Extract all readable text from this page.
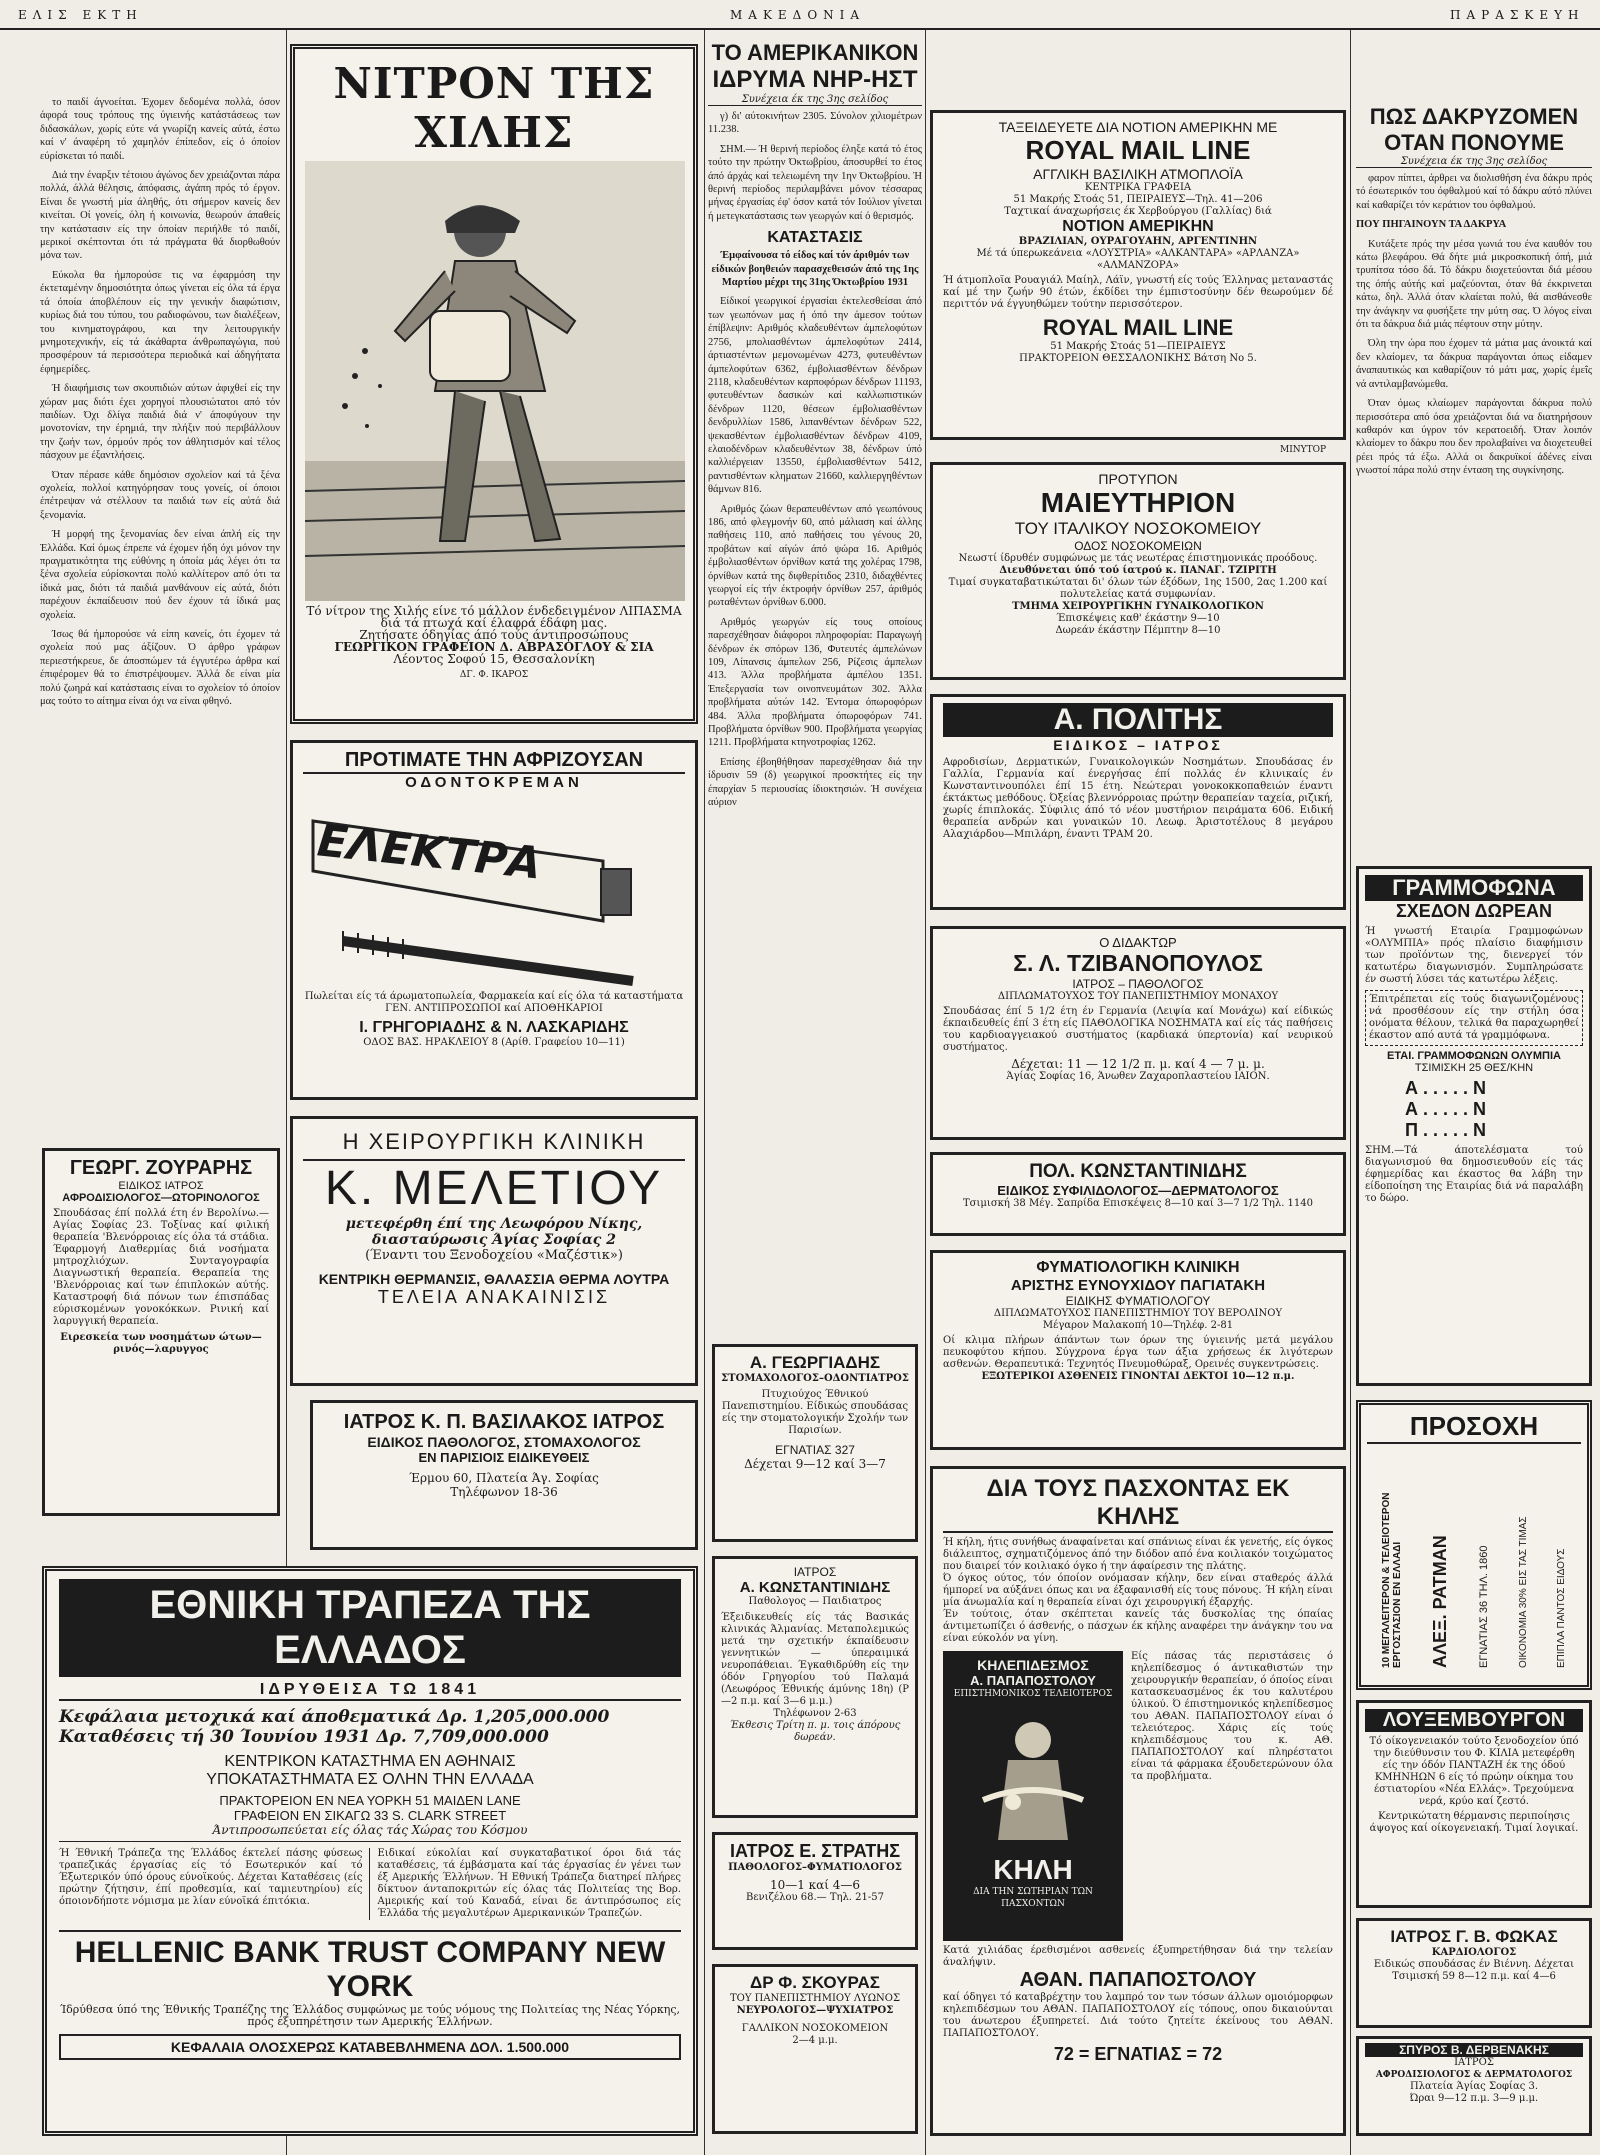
ΕΛΙΣ ΕΚΤΗ	ΜΑΚΕΔΟΝΙΑ	ΠΑΡΑΣΚΕΥΗ

το παιδί άγνοείται. Έχομεν δεδομένα πολλά, όσον άφορά τους τρόπους της ύγιεινής κατάστάσεως των διδασκάλων, χωρίς εύτε νά γνωρίζη κανείς αύτά, έστω καί ν' άναφέρη τό χαμηλόν έπίπεδον, είς ό όποίον εύρίσκεται τό παιδί.

Διά την έναρξιν τέτοιου άγώνος δεν χρειάζονται πάρα πολλά, άλλά θέλησις, άπόφασις, άγάπη πρός τό έργον. Είναι δε γνωστή μία άληθής, ότι σήμερον κανείς δεν κινείται. Οί γονείς, όλη ή κοινωνία, θεωρούν άπαθείς την κατάστασιν είς την όποίαν περιήλθε τό παιδί, μερικοί σκέπτονται ότι τά πράγματα θά διορθωθούν μόνα των.

Εύκολα θα ήμπορούσε τις να έφαρμόση την έκτεταμένην δημοσιότητα όπως γίνεται είς όλα τά έργα τά όποία άποβλέπουν είς την γενικήν διαφώτισιν, κυρίως διά του τύπου, του ραδιοφώνου, των διαλέξεων, του κινηματογράφου, και την λειτουργικήν μνημοτεχνικήν, είς τά άκάθαρτα άνθρωπαγώγια, πού προσφέρουν τά περισσότερα περιοδικά καί άδηγήτατα έφημερίδες.

Ή διαφήμισις των σκουπιδιών αύτων άφιχθεί είς την χώραν μας διότι έχει χορηγοί πλουσιώτατοι από τόν παιδίων. Όχι δλίγα παιδιά διά ν' άποφύγουν την μονοτονίαν, την έρημιά, την πλήξιν πού περιβάλλουν την ζωήν των, όρμούν πρός τον άθλητισμόν καί τέλος πάσχουν με έξαντλήσεις.

Όταν πέρασε κάθε δημόσιον σχολείον καί τά ξένα σχολεία, πολλοί κατηγόρησαν τους γονείς, οί όποιοι έπέτρεψαν νά στέλλουν τα παιδιά των είς αύτά διά ξενομανία.

Ή μορφή της ξενομανίας δεν είναι άπλή είς την Έλλάδα. Καί όμως έπρεπε νά έχομεν ήδη όχι μόνον την πραγματικότητα της εύθύνης η όποία μάς λέγει ότι τα ξένα σχολεία εύρίσκονται πολύ καλλίτερον από ότι τα ίδικά μας, διότι τά παιδιά μανθάνουν είς αύτά, διότι παρέχουν έκπαίδευσιν πού δεν έχουν τά ίδικά μας σχολεία.

Ίσως θά ήμπορούσε νά είπη κανείς, ότι έχομεν τά σχολεία πού μας άξίζουν. Ό άρθρο γράφων περιεστήκρευε, δε άποσπώμεν τά έγγυτέρω άρθρα καί έπιφέρομεν θά το έπιστρέψουμεν. Άλλά δε είναι μία πολύ ζωηρά καί κατάστασις είναι το σχολείον τό όποίον μας τούτο το αίτημα είναι όχι να είναι φθηνό.

ΓΕΩΡΓ. ΖΟΥΡΑΡΗΣ
ΕΙΔΙΚΟΣ ΙΑΤΡΟΣ
ΑΦΡΟΔΙΣΙΟΛΟΓΟΣ—ΩΤΟΡΙΝΟΛΟΓΟΣ
Σπουδάσας έπί πολλά έτη έν Βερολίνω.— Αγίας Σοφίας 23. Τοξίνας καί φιλική θεραπεία 'Βλενόρροιας είς όλα τά στάδια. Έφαρμογή Διαθερμίας διά νοσήματα μητροχλιόχων. Συνταγογραφία Διαγνωστική θεραπεία. Θεραπεία της 'Βλενόρροιας καί των έπιπλοκών αύτής. Καταστροφή διά πόνων των έπισπάδας εύρισκομένων γονοκόκκων. Ρινική καί λαρυγγική θεραπεία.
Ειρεσκεία των νοσημάτων ώτων—ρινός—λαρυγγος
ΝΙΤΡΟΝ ΤΗΣ ΧΙΛΗΣ
Τό νίτρον της Χιλής είνε τό μάλλον ένδεδειγμένον ΛΙΠΑΣΜΑ διά τά πτωχά καί έλαφρά έδάφη μας.
Ζητήσατε όδηγίας άπό τούς άντιπροσώπους
ΓΕΩΡΓΙΚΟΝ ΓΡΑΦΕΙΟΝ Δ. ΑΒΡΑΣΟΓΛΟΥ & ΣΙΑ
Λέοντος Σοφού 15, Θεσσαλονίκη
ΔΓ. Φ. ΙΚΑΡΟΣ
ΠΡΟΤΙΜΑΤΕ ΤΗΝ ΑΦΡΙΖΟΥΣΑΝ
ΟΔΟΝΤΟΚΡΕΜΑΝ
ΕΛΕΚΤΡΑ
Πωλείται είς τά άρωματοπωλεία, Φαρμακεία καί είς όλα τά καταστήματα ΓΕΝ. ΑΝΤΙΠΡΟΣΩΠΟΙ καί ΑΠΟΘΗΚΑΡΙΟΙ
Ι. ΓΡΗΓΟΡΙΑΔΗΣ & Ν. ΛΑΣΚΑΡΙΔΗΣ
ΟΔΟΣ ΒΑΣ. ΗΡΑΚΛΕΙΟΥ 8 (Αρίθ. Γραφείου 10—11)
Η ΧΕΙΡΟΥΡΓΙΚΗ ΚΛΙΝΙΚΗ
Κ. ΜΕΛΕΤΙΟΥ
μετεφέρθη έπί της Λεωφόρου Νίκης, διασταύρωσις Άγίας Σοφίας 2
(Έναντι του Ξενοδοχείου «Μαζέστικ»)
ΚΕΝΤΡΙΚΗ ΘΕΡΜΑΝΣΙΣ, ΘΑΛΑΣΣΙΑ ΘΕΡΜΑ ΛΟΥΤΡΑ
ΤΕΛΕΙΑ ΑΝΑΚΑΙΝΙΣΙΣ
ΙΑΤΡΟΣ Κ. Π. ΒΑΣΙΛΑΚΟΣ ΙΑΤΡΟΣ
ΕΙΔΙΚΟΣ ΠΑΘΟΛΟΓΟΣ, ΣΤΟΜΑΧΟΛΟΓΟΣ
ΕΝ ΠΑΡΙΣΙΟΙΣ ΕΙΔΙΚΕΥΘΕΙΣ
Έρμου 60, Πλατεία Άγ. Σοφίας
Τηλέφωνον 18-36
ΕΘΝΙΚΗ ΤΡΑΠΕΖΑ ΤΗΣ ΕΛΛΑΔΟΣ
ΙΔΡΥΘΕΙΣΑ ΤΩ 1841
Κεφάλαια μετοχικά καί άποθεματικά Δρ. 1,205,000.000
Καταθέσεις τή 30 Ίουνίου 1931 Δρ. 7,709,000.000
ΚΕΝΤΡΙΚΟΝ ΚΑΤΑΣΤΗΜΑ ΕΝ ΑΘΗΝΑΙΣ
ΥΠΟΚΑΤΑΣΤΗΜΑΤΑ ΕΣ ΟΛΗΝ ΤΗΝ ΕΛΛΑΔΑ
ΠΡΑΚΤΟΡΕΙΟΝ ΕΝ ΝΕΑ ΥΟΡΚΗ 51 ΜΑΙΔΕΝ LANE
ΓΡΑΦΕΙΟΝ ΕΝ ΣΙΚΑΓΩ 33 S. CLARK STREET
Άντιπροσωπεύεται είς όλας τάς Χώρας του Κόσμου
Ή Έθνική Τράπεζα της Έλλάδος έκτελεί πάσης φύσεως τραπεζικάς έργασίας είς τό Εσωτερικόν καί τό Έξωτερικόν ύπό όρους εύνοϊκούς. Δέχεται Καταθέσεις (είς πρώτην ζήτησιν, έπί προθεσμία, καί ταμιευτηρίου) είς όποιονδήποτε νόμισμα με λίαν εύνοϊκά έπιτόκια.
Ειδικαί εύκολίαι καί συγκαταβατικοί όροι διά τάς καταθέσεις, τά έμβάσματα καί τάς έργασίας έν γένει των έξ Αμερικής Έλλήνων. Ή Εθνική Τράπεζα διατηρεί πλήρες δίκτυον άνταποκριτών είς όλας τάς Πολιτείας της Βορ. Αμερικής καί τού Καναδά, είναι δε άντιπρόσωπος είς Έλλάδα τής μεγαλυτέρων Αμερικανικών Τραπεζών.
HELLENIC BANK TRUST COMPANY NEW YORK
Ίδρύθεσα ύπό της Έθνικής Τραπέζης της Έλλάδος συμφώνως με τούς νόμους της Πολιτείας της Νέας Υόρκης, πρός έξυπηρέτησιν των Αμερικής Έλλήνων.
ΚΕΦΑΛΑΙΑ ΟΛΟΣΧΕΡΩΣ ΚΑΤΑΒΕΒΛΗΜΕΝΑ ΔΟΛ. 1.500.000
ΤΟ ΑΜΕΡΙΚΑΝΙΚΟΝ
ΙΔΡΥΜΑ ΝΗΡ-ΗΣΤ
Συνέχεια έκ της 3ης σελίδος

γ) δι' αύτοκινήτων 2305. Σύνολον χιλιομέτρων 11.238.

ΣΗΜ.— Ή θερινή περίοδος έληξε κατά τό έτος τούτο την πρώτην Όκτωβρίου, άποσυρθεί το έτος άπό άρχάς καί τελειωμένη την 1ην Όκτωβρίου. Ή θερινή περίοδος περιλαμβάνει μόνον τέσσαρας μήνας έργασίας έφ' όσον κατά τόν Ιούλιον γίνεται ή μετεγκατάστασις των γεωργών καί ό θερισμός.

ΚΑΤΑΣΤΑΣΙΣ

Έμφαίνουσα τό είδος καί τόν άριθμόν των είδικών βοηθειών παρασχεθεισών άπό της 1ης Μαρτίου μέχρι της 31ης Όκτωβρίου 1931

Είδικοί γεωργικοί έργασίαι έκτελεσθείσαι άπό των γεωπόνων μας ή όπό την άμεσον τούτων έπίβλεψιν: Αριθμός κλαδευθέντων άμπελοφύτων 2756, μπολιασθέντων άμπελοφύτων 2414, άρτιαστέντων μεμονωμένων 4273, φυτευθέντων άμπελοφύτων 6362, έμβολιασθέντων δένδρων 2118, κλαδευθέντων καρποφόρων δένδρων 11193, φυτευθέντων δασικών καί καλλωπιστικών δένδρων 1120, θέσεων έμβολιασθέντων δενδρυλλίων 1586, λιπανθέντων δένδρων 522, ψεκασθέντων έμβολιασθέντων δένδρων 4109, ελαιοδένδρων κλαδευθέντων 38, δένδρων ύπό καλλιέργειαν 13550, έμβολιασθέντων 5412, ραντισθέντων κληματων 21660, καλλιεργηθέντων θάμνων 816.

Αριθμός ζώων θεραπευθέντων από γεωπόνους 186, από φλεγμονήν 60, από μάλιαση καί άλλης παθήσεις 110, από παθήσεις του γένους 20, προβάτων καί αίγών άπό ψώρα 16. Αριθμός έμβολιασθέντων όρνίθων κατά της χολέρας 1798, όρνίθων κατά της διφθερίτιδος 2310, διδαχθέντες γεωργοί είς τήν έκτροφήν όρνίθων 257, άριθμός ρωταθέντων όρνίθων 6.000.

Αριθμός γεωργών είς τους οποίους παρεσχέθησαν διάφοροι πληροφορίαι: Παραγωγή δένδρων έκ σπόρων 136, Φυτευτές άμπελώνων 109, Λίπανσις άμπελων 256, Ρίζεσις άμπελων 413. Άλλα προβλήματα άμπέλου 1351. Έπεξεργασία των οινοπνευμάτων 302. Άλλα προβλήματα αύτών 142. Έντομα όπωροφόρων 484. Άλλα προβλήματα όπωροφόρων 741. Προβλήματα όρνίθων 900. Προβλήματα γεωργίας 1211. Προβλήματα κτηνοτροφίας 1262.

Επίσης έβοηθήθησαν παρεσχέθησαν διά την ίδρυσιν 59 (δ) γεωργικοί προσκτήτες είς την έπαρχίαν 5 περιουσίας ίδιοκτησιών. Ή συνέχεια αύριον

Α. ΓΕΩΡΓΙΑΔΗΣ
ΣΤΟΜΑΧΟΛΟΓΟΣ–ΟΔΟΝΤΙΑΤΡΟΣ
Πτυχιούχος Έθνικού Πανεπιστημίου. Είδικώς σπουδάσας είς την στοματολογικήν Σχολήν των Παρισίων.
ΕΓΝΑΤΙΑΣ 327
Δέχεται 9—12 καί 3—7
ΙΑΤΡΟΣ
Α. ΚΩΝΣΤΑΝΤΙΝΙΔΗΣ
Παθολογος — Παιδιατρος
Έξειδικευθείς είς τάς Βασικάς κλινικάς Άλμανίας. Μεταπολεμικώς μετά την σχετικήν έκπαίδευσιν γεννητικών — ύπεραιμικά νευροπάθειαι. Έγκαθιδρύθη είς την όδόν Γρηγορίου τού Παλαμά (Λεωφόρος Έθνικής άμύνης 18η) (Ρ—2 π.μ. καί 3—6 μ.μ.)
Τηλέφωνον 2-63
Έκθεσις Τρίτη π. μ. τοις άπόρους δωρεάν.
ΙΑΤΡΟΣ Ε. ΣΤΡΑΤΗΣ
ΠΑΘΟΛΟΓΟΣ–ΦΥΜΑΤΙΟΛΟΓΟΣ
10—1 καί 4—6
Βενιζέλου 68.— Τηλ. 21-57
ΔΡ Φ. ΣΚΟΥΡΑΣ
ΤΟΥ ΠΑΝΕΠΙΣΤΗΜΙΟΥ ΛΥΩΝΟΣ
ΝΕΥΡΟΛΟΓΟΣ—ΨΥΧΙΑΤΡΟΣ
ΓΑΛΛΙΚΟΝ ΝΟΣΟΚΟΜΕΙΟΝ
2—4 μ.μ.
ΤΑΞΕΙΔΕΥΕΤΕ ΔΙΑ ΝΟΤΙΟΝ ΑΜΕΡΙΚΗΝ ΜΕ
ROYAL MAIL LINE
ΑΓΓΛΙΚΗ ΒΑΣΙΛΙΚΗ ΑΤΜΟΠΛΟΪΑ
ΚΕΝΤΡΙΚΑ ΓΡΑΦΕΙΑ
51 Μακρής Στοάς 51, ΠΕΙΡΑΙΕΥΣ—Τηλ. 41—206
Ταχτικαί άναχωρήσεις έκ Χερβούργου (Γαλλίας) διά
ΝΟΤΙΟΝ ΑΜΕΡΙΚΗΝ
ΒΡΑΖΙΛΙΑΝ, ΟΥΡΑΓΟΥΑΗΝ, ΑΡΓΕΝΤΙΝΗΝ
Μέ τά ύπερωκεάνεια «ΛΟΥΣΤΡΙΑ» «ΑΛΚΑΝΤΑΡΑ» «ΑΡΛΑΝΖΑ» «ΑΛΜΑΝΖΟΡΑ»
Ή άτμοπλοϊα Ρουαγιάλ Μαίηλ, Λάϊν, γνωστή είς τούς Έλληνας μεταναστάς καί μέ την ζωήν 90 έτών, έκδίδει την έμπιστοσύνην δέν θεωρούμεν δέ περιττόν νά έγγυηθώμεν τούτην περισσότερον.
ROYAL MAIL LINE
51 Μακρής Στοάς 51—ΠΕΙΡΑΙΕΥΣ
ΠΡΑΚΤΟΡΕΙΟΝ ΘΕΣΣΑΛΟΝΙΚΗΣ Βάτση Νο 5.
ΜΙΝΥΤΟΡ
ΠΡΟΤΥΠΟΝ
ΜΑΙΕΥΤΗΡΙΟΝ
ΤΟΥ ΙΤΑΛΙΚΟΥ ΝΟΣΟΚΟΜΕΙΟΥ
ΟΔΟΣ ΝΟΣΟΚΟΜΕΙΩΝ
Νεωστί ίδρυθέν συμφώνως με τάς νεωτέρας έπιστημονικάς προόδους.
Διευθύνεται ύπό τού ίατρού κ. ΠΑΝΑΓ. ΤΖΙΡΙΤΗ
Τιμαί συγκαταβατικώταται δι' όλων τών έξόδων, 1ης 1500, 2ας 1.200 καί πολυτελείας κατά συμφωνίαν.
ΤΜΗΜΑ ΧΕΙΡΟΥΡΓΙΚΗΝ ΓΥΝΑΙΚΟΛΟΓΙΚΟΝ
Έπισκέψεις καθ' έκάστην 9—10
Δωρεάν έκάστην Πέμπτην 8—10
Α. ΠΟΛΙΤΗΣ
ΕΙΔΙΚΟΣ – ΙΑΤΡΟΣ
Αφροδισίων, Δερματικών, Γυναικολογικών Νοσημάτων. Σπουδάσας έν Γαλλία, Γερμανία καί ένεργήσας έπί πολλάς έν κλινικαίς έν Κωνσταντινουπόλει έπί 15 έτη. Νεώτεραι γονοκοκκοπαθειών έναντι έκτάκτως μεθόδους. Όξείας βλεννόρροιας πρώτην θεραπείαν ταχεία, ριζική, χωρίς έπιπλοκάς. Σύφιλις άπό τό νέον μυστήριον πειράματα 606. Ειδική θεραπεία ανδρών και γυναικών 10. Λεωφ. Άριστοτέλους 8 μεγάρου Αλαχιάρδου—Μπιλάρη, έναντι ΤΡΑΜ 20.
Ο ΔΙΔΑΚΤΩΡ
Σ. Λ. ΤΖΙΒΑΝΟΠΟΥΛΟΣ
ΙΑΤΡΟΣ – ΠΑΘΟΛΟΓΟΣ
ΔΙΠΛΩΜΑΤΟΥΧΟΣ ΤΟΥ ΠΑΝΕΠΙΣΤΗΜΙΟΥ ΜΟΝΑΧΟΥ
Σπουδάσας έπί 5 1/2 έτη έν Γερμανία (Λειψία καί Μονάχω) καί είδικώς έκπαιδευθείς έπί 3 έτη είς ΠΑΘΟΛΟΓΙΚΑ ΝΟΣΗΜΑΤΑ καί είς τάς παθήσεις του καρδιοαγγειακού συστήματος (καρδιακά ύπερτονία) καί νευρικού συστήματος.
Δέχεται: 11 — 12 1/2 π. μ. καί 4 — 7 μ. μ.
Άγίας Σοφίας 16, Άνωθεν Ζαχαροπλαστείου ΙΑΙΟΝ.
ΠΟΛ. ΚΩΝΣΤΑΝΤΙΝΙΔΗΣ
ΕΙΔΙΚΟΣ ΣΥΦΙΛΙΔΟΛΟΓΟΣ—ΔΕΡΜΑΤΟΛΟΓΟΣ
Τσιμισκή 38 Μέγ. Σαπρίδα Επισκέψεις 8—10 καί 3—7 1/2 Τηλ. 1140
ΦΥΜΑΤΙΟΛΟΓΙΚΗ ΚΛΙΝΙΚΗ
ΑΡΙΣΤΗΣ ΕΥΝΟΥΧΙΔΟΥ ΠΑΓΙΑΤΑΚΗ
ΕΙΔΙΚΗΣ ΦΥΜΑΤΙΟΛΟΓΟΥ
ΔΙΠΛΩΜΑΤΟΥΧΟΣ ΠΑΝΕΠΙΣΤΗΜΙΟΥ ΤΟΥ ΒΕΡΟΛΙΝΟΥ
Μέγαρον Μαλακοπή 10—Τηλέφ. 2-81
Οί κλιμα πλήρων άπάντων των όρων της ύγιεινής μετά μεγάλου πευκοφύτου κήπου. Σύγχρονα έργα των άξια χρήσεως έκ λιγότερων ασθενών. Θεραπευτικά: Τεχνητός Πνευμοθώραξ, Ορεινές συγκεντρώσεις.
ΕΞΩΤΕΡΙΚΟΙ ΑΣΘΕΝΕΙΣ ΓΙΝΟΝΤΑΙ ΔΕΚΤΟΙ 10—12 π.μ.
ΔΙΑ ΤΟΥΣ ΠΑΣΧΟΝΤΑΣ ΕΚ ΚΗΛΗΣ
Ή κήλη, ήτις συνήθως άναφαίνεται καί σπάνιως είναι έκ γενετής, είς όγκος διάλειπτος, σχηματιζόμενος άπό την διόδον από ένα κοιλιακόν τοιχώματος που διαιρεί τόν κοιλιακό όγκο ή την άφαίρεσιν της πλάτης.
Ό όγκος ούτος, τόν όποίον ονόμασαν κήλην, δεν είναι σταθερός άλλά ήμπορεί να αύξάνει όπως και να έξαφανισθή είς τους πόνους. Ή κήλη είναι μία άνωμαλία καί η θεραπεία είναι όχι χειρουργική έξαρχής.
Έν τούτοις, όταν σκέπτεται κανείς τάς δυσκολίας της όπαίας άντιμετωπίζει ό άσθενής, ο πάσχων έκ κήλης αναφέρει την άνάγκην του να είναι εύκολόν να γίνη.
ΚΗΛΕΠΙΔΕΣΜΟΣ
Α. ΠΑΠΑΠΟΣΤΟΛΟΥ
ΕΠΙΣΤΗΜΟΝΙΚΟΣ ΤΕΛΕΙΟΤΕΡΟΣ
ΚΗΛΗ
ΔΙΑ ΤΗΝ ΣΩΤΗΡΙΑΝ ΤΩΝ ΠΑΣΧΟΝΤΩΝ
Είς πάσας τάς περιστάσεις ό κηλεπίδεσμος ό άντικαθιστών την χειρουργικήν θεραπείαν, ό όποίος είναι κατασκευασμένος έκ του καλυτέρου ύλικού. Ό έπιστημονικός κηλεπίδεσμος του ΑΘΑΝ. ΠΑΠΑΠΟΣΤΟΛΟΥ είναι ό τελειότερος. Χάρις είς τούς κηλεπιδέσμους του κ. ΑΘ. ΠΑΠΑΠΟΣΤΟΛΟΥ καί πληρέστατοι είναι τά φάρμακα έξουδετερώνουν όλα τα προβλήματα.
Κατά χιλιάδας έρεθισμένοι ασθενείς έξυπηρετήθησαν διά την τελείαν άναλήψιν.
ΑΘΑΝ. ΠΑΠΑΠΟΣΤΟΛΟΥ
καί όδηγει τό καταβρέχτην του λαμπρό τον των τόσων άλλων ομοιόμορφων κηλεπιδέσμων του ΑΘΑΝ. ΠΑΠΑΠΟΣΤΟΛΟΥ είς τόπους, οπου δικαιούνται του άνωτερου έξυπηρετεί. Διά τούτο ζητείτε έκείνους του ΑΘΑΝ. ΠΑΠΑΠΟΣΤΟΛΟΥ.
72 = ΕΓΝΑΤΙΑΣ = 72
ΠΩΣ ΔΑΚΡΥΖΟΜΕΝ
ΟΤΑΝ ΠΟΝΟΥΜΕ
Συνέχεια έκ της 3ης σελίδος

φαρον πίπτει, άρθρει να διολισθήση ένα δάκρυ πρός τό έσωτερικόν του όφθαλμού καί τό δάκρυ αύτό πλύνει καί καθαρίζει τόν κεράτιον του όφθαλμού.

ΠΟΥ ΠΗΓΑΙΝΟΥΝ ΤΑ ΔΑΚΡΥΑ

Κυτάξετε πρός την μέσα γωνιά του ένα καυθόν του κάτω βλεφάρου. Θά δήτε μιά μικροσκοπική όπή, μιά τρυπίτσα τόσο δά. Τό δάκρυ διοχετεύονται διά μέσου της όπής αύτής καί μαζεύονται, όταν θά έκκρινεται κάτω, δηλ. Άλλά όταν κλαίεται πολύ, θά αισθάνεσθε την άνάγκην να φυσήξετε την μύτη σας. Ό λόγος είναι ότι τα δάκρυα διά μιάς πέφτουν στην μύτην.

Όλη την ώρα που έχομεν τά μάτια μας άνοικτά καί δεν κλαίομεν, τα δάκρυα παράγονται όπως είδαμεν άναπαυτικώς και καθαρίζουν τό μάτι μας, χωρίς έμεΐς νά αντιλαμβανώμεθα.

Όταν όμως κλαίωμεν παράγονται δάκρυα πολύ περισσότερα από όσα χρειάζονται διά να διατηρήσουν καθαρόν και ύγρον τόν κερατοειδή. Όταν λοιπόν κλαίομεν το δάκρυ που δεν προλαβαίνει να διοχετευθεί ρέει πρός τά έξω. Αλλά οι δακρυϊκοί άδένες είναι γνωστοί πάρα πολύ στην ένταση της συγκίνησης.

ΓΡΑΜΜΟΦΩΝΑ
ΣΧΕΔΟΝ ΔΩΡΕΑΝ
Ή γνωστή Εταιρία Γραμμοφώνων «ΟΛΥΜΠΙΑ» πρός πλαίσιο διαφήμισιν των προϊόντων της, διενεργεί τόν κατωτέρω διαγωνισμόν. Συμπληρώσατε έν σωστή λύσει τάς κατωτέρω λέξεις.
Έπιτρέπεται είς τούς διαγωνιζομένους νά προσθέσουν είς την στήλη όσα ονόματα θέλουν, τελικά θα παραχωρηθεί έκαστον από αυτά τά γραμμόφωνα.
ΕΤΑΙ. ΓΡΑΜΜΟΦΩΝΩΝ ΟΛΥΜΠΙΑ
ΤΣΙΜΙΣΚΗ 25 ΘΕΣ/ΚΗΝ
Α . . . . . Ν
Α . . . . . Ν
Π . . . . . Ν
ΣΗΜ.—Τά άποτελέσματα τού διαγωνισμού θα δημοσιευθούν είς τάς έφημερίδας και έκαστος θα λάβη την είδοποίηση της Εταιρίας διά νά παραλάβη το δώρο.
ΠΡΟΣΟΧΗ
10 ΜΕΓΑΛΕΙΤΕΡΟΝ & ΤΕΛΕΙΟΤΕΡΟΝ ΕΡΓΟΣΤΑΣΙΟΝ ΕΝ ΕΛΛΑΔΙ ΑΛΕΞ. ΡΑΤΜΑΝ	ΕΓΝΑΤΙΑΣ 36 ΤΗΛ. 1860	ΟΙΚΟΝΟΜΙΑ 30% ΕΙΣ ΤΑΣ ΤΙΜΑΣ	ΕΠΙΠΛΑ ΠΑΝΤΟΣ ΕΙΔΟΥΣ
ΛΟΥΞΕΜΒΟΥΡΓΟΝ
Τό οίκογενειακόν τούτο ξενοδοχείον ύπό την διεύθυνσιν του Φ. ΚΙΛΙΑ μετεφέρθη είς την όδόν ΠΑΝΤΑΖΗ έκ της όδού ΚΜΗΝΗΩΝ 6 είς τό πρώην οίκημα του έστιατορίου «Νέα Ελλάς». Τρεχούμενα νερά, κρύο καί ζεστό.
Κεντρικώτατη θέρμανσις περιποίησις άψογος καί οίκογενειακή. Τιμαί λογικαί.
ΙΑΤΡΟΣ Γ. Β. ΦΩΚΑΣ
ΚΑΡΔΙΟΛΟΓΟΣ
Ειδικώς σπουδάσας έν Βιέννη. Δέχεται Τσιμισκή 59 8—12 π.μ. καί 4—6
ΣΠΥΡΟΣ Β. ΔΕΡΒΕΝΑΚΗΣ
ΙΑΤΡΟΣ
ΑΦΡΟΔΙΣΙΟΛΟΓΟΣ & ΔΕΡΜΑΤΟΛΟΓΟΣ
Πλατεία Άγίας Σοφίας 3.
Ώραι 9—12 π.μ. 3—9 μ.μ.
